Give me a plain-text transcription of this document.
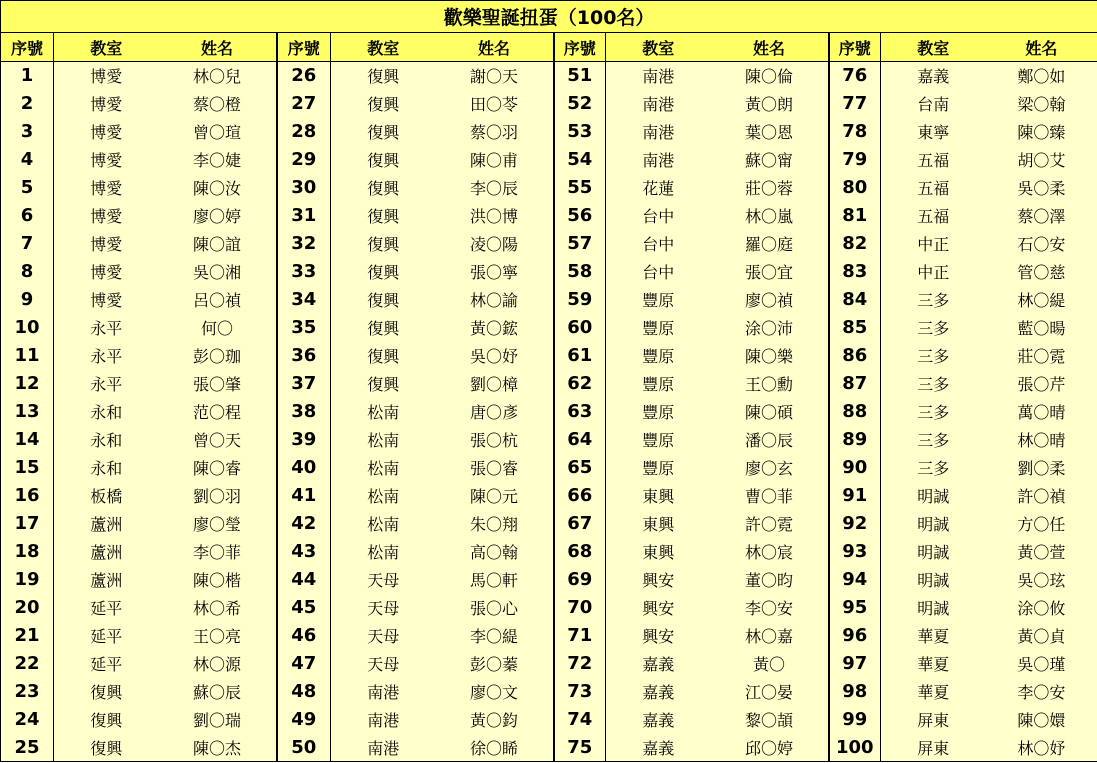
歡樂聖誕扭蛋（100名）											
序號	教室	姓名	序號	教室	姓名	序號	教室	姓名	序號	教室	姓名
1	博愛	林〇兒	26	復興	謝〇天	51	南港	陳〇倫	76	嘉義	鄭〇如
2	博愛	蔡〇橙	27	復興	田〇苓	52	南港	黃〇朗	77	台南	梁〇翰
3	博愛	曾〇瑄	28	復興	蔡〇羽	53	南港	葉〇恩	78	東寧	陳〇臻
4	博愛	李〇婕	29	復興	陳〇甫	54	南港	蘇〇甯	79	五福	胡〇艾
5	博愛	陳〇汝	30	復興	李〇辰	55	花蓮	莊〇蓉	80	五福	吳〇柔
6	博愛	廖〇婷	31	復興	洪〇博	56	台中	林〇嵐	81	五福	蔡〇澤
7	博愛	陳〇誼	32	復興	凌〇陽	57	台中	羅〇庭	82	中正	石〇安
8	博愛	吳〇湘	33	復興	張〇寧	58	台中	張〇宜	83	中正	管〇慈
9	博愛	呂〇禎	34	復興	林〇諭	59	豐原	廖〇禎	84	三多	林〇緹
10	永平	何〇	35	復興	黃〇鋐	60	豐原	涂〇沛	85	三多	藍〇暘
11	永平	彭〇珈	36	復興	吳〇妤	61	豐原	陳〇樂	86	三多	莊〇霓
12	永平	張〇肇	37	復興	劉〇樟	62	豐原	王〇勳	87	三多	張〇芹
13	永和	范〇程	38	松南	唐〇彥	63	豐原	陳〇碩	88	三多	萬〇晴
14	永和	曾〇天	39	松南	張〇杭	64	豐原	潘〇辰	89	三多	林〇晴
15	永和	陳〇睿	40	松南	張〇睿	65	豐原	廖〇玄	90	三多	劉〇柔
16	板橋	劉〇羽	41	松南	陳〇元	66	東興	曹〇菲	91	明誠	許〇禎
17	蘆洲	廖〇瑩	42	松南	朱〇翔	67	東興	許〇霓	92	明誠	方〇任
18	蘆洲	李〇菲	43	松南	高〇翰	68	東興	林〇宸	93	明誠	黃〇萱
19	蘆洲	陳〇楷	44	天母	馬〇軒	69	興安	董〇昀	94	明誠	吳〇玹
20	延平	林〇希	45	天母	張〇心	70	興安	李〇安	95	明誠	涂〇攸
21	延平	王〇亮	46	天母	李〇緹	71	興安	林〇嘉	96	華夏	黃〇貞
22	延平	林〇源	47	天母	彭〇蓁	72	嘉義	黃〇	97	華夏	吳〇瑾
23	復興	蘇〇辰	48	南港	廖〇文	73	嘉義	江〇晏	98	華夏	李〇安
24	復興	劉〇瑞	49	南港	黃〇鈞	74	嘉義	黎〇頡	99	屏東	陳〇嬛
25	復興	陳〇杰	50	南港	徐〇睎	75	嘉義	邱〇婷	100	屏東	林〇妤
